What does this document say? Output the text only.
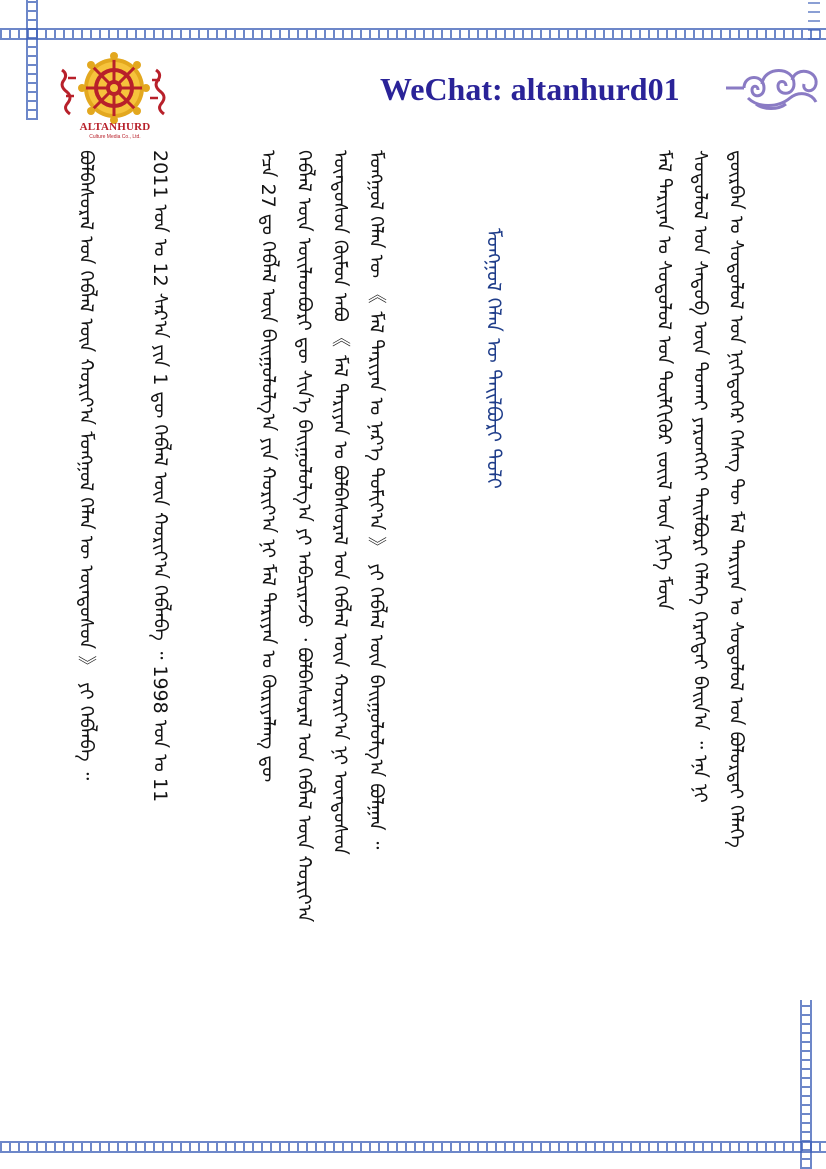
ALTANHURD
Culture Media Co., Ltd.
WeChat: altanhurd01
ᠳ᠋ᠥᠷᠪᠡᠨ ᠤ ᠰᠤᠳᠤᠯᠤᠯ ᠤᠨ ᠨᠢᠭᠡᠳᠦᠭᠡᠷ ᠬᠡᠰᠡᠭ ᠲᠦ ᠮᠠᠯ ᠲᠠᠷᠢᠶᠠᠨ ᠤ ᠰᠤᠳᠤᠯᠤᠯ ᠤᠨ ᠪᠤᠯᠤᠷᠳᠠᠢ ᠬᠡᠯᠡᠬᠡ
ᠰᠤᠳᠤᠯᠤᠯ ᠤᠨ ᠰᠡᠳᠦᠪ ᠦᠨ ᠲᠤᠬᠠᠢ ᠶᠡᠷᠦᠩᠬᠡᠢ ᠲᠠᠢᠯᠪᠤᠷᠢ ᠬᠡᠯᠡᠬᠡ ᠬᠡᠷᠡᠭᠲᠡᠢ ᠪᠠᠢᠨ᠎ᠠ ᠃ ᠡᠨᠡ ᠨᠢ
ᠮᠠᠯ ᠲᠠᠷᠢᠶᠠᠨ ᠤ ᠰᠤᠳᠤᠯᠤᠯ ᠤᠨ ᠲᠦᠯᠬᠢᠭᠦᠷ ᠵᠦᠢᠯ ᠦᠨ ᠨᠢᠭᠡ ᠮᠦᠨ
ᠮᠤᠩᠭᠤᠯ ᠬᠡᠯᠡᠨ ᠦ ᠲᠠᠢᠯᠪᠤᠷᠢ ᠲᠣᠯᠢ
ᠮᠤᠩᠭᠤᠯ ᠬᠡᠯᠡᠨ ᠦ 《 ᠮᠠᠯ ᠲᠠᠷᠢᠶᠠᠨ ᠤ ᠨᠡᠷ᠎ᠡ ᠲᠣᠮᠢᠶ᠎ᠠ 》 ᠶᠢ ᠬᠡᠪᠯᠡᠯ ᠦᠨ ᠪᠠᠢᠭᠤᠯᠤᠯᠭ᠎ᠠ ᠪᠣᠯᠭᠠᠨ ᠃
ᠦᠨᠳᠦᠰᠦᠨ ᠬᠦᠮᠦᠨ ᠠᠪᠤ 《 ᠮᠠᠯ ᠲᠠᠷᠢᠶᠠᠨ ᠤ ᠪᠣᠯᠪᠠᠰᠤᠷᠠᠯ ᠤᠨ ᠬᠡᠪᠯᠡᠯ ᠦᠨ ᠬᠣᠷᠢᠶ᠎ᠠ ᠨᠢ ᠦᠨᠳᠦᠰᠦᠨ
ᠬᠡᠪᠯᠡᠯ ᠦᠨ ᠦᠢᠯᠡᠳᠪᠦᠷᠢ ᠳᠦ ᠰᠢᠨ᠎ᠡ ᠪᠠᠢᠭᠤᠯᠤᠯᠭ᠎ᠠ ᠶᠢ ᠠᠪᠴᠢᠷᠠᠵᠤ ᠂ ᠪᠣᠯᠪᠠᠰᠤᠷᠠᠯ ᠤᠨ ᠬᠡᠪᠯᠡᠯ ᠦᠨ ᠬᠣᠷᠢᠶ᠎ᠠ
ᠡᠴᠡ 27 ᠳᠤ ᠬᠡᠪᠯᠡᠯ ᠦᠨ ᠪᠠᠢᠭᠤᠯᠤᠯᠭ᠎ᠠ ᠶᠢᠨ ᠬᠣᠷᠢᠶ᠎ᠠ ᠨᠢ ᠮᠠᠯ ᠲᠠᠷᠢᠶᠠᠨ ᠤ ᠬᠦᠷᠢᠶᠡᠯᠡᠩ ᠳᠦ
2011 ᠣᠨ ᠤ 12 ᠰᠠᠷ᠎ᠠ ᠶᠢᠨ 1 ᠳᠦ ᠬᠡᠪᠯᠡᠯ ᠦᠨ ᠬᠣᠷᠢᠶ᠎ᠠ ᠬᠡᠪᠯᠡᠪᠡ ᠃ 1998 ᠣᠨ ᠤ 11
ᠪᠣᠯᠪᠠᠰᠤᠷᠠᠯ ᠤᠨ ᠬᠡᠪᠯᠡᠯ ᠦᠨ ᠬᠣᠷᠢᠶ᠎ᠠ ᠮᠤᠩᠭᠤᠯ ᠬᠡᠯᠡᠨ ᠦ ᠦᠨᠳᠦᠰᠦᠨ 》 ᠶᠢ ᠬᠡᠪᠯᠡᠪᠡ ᠃
